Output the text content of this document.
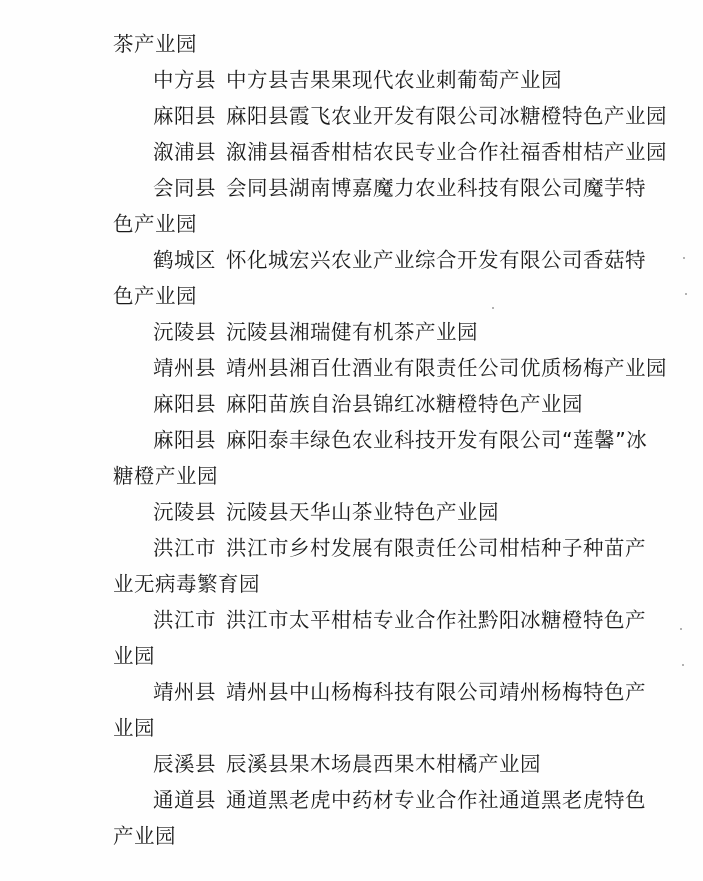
茶产业园
中方县 中方县吉果果现代农业刺葡萄产业园
麻阳县 麻阳县霞飞农业开发有限公司冰糖橙特色产业园
溆浦县 溆浦县福香柑桔农民专业合作社福香柑桔产业园
会同县 会同县湖南博嘉魔力农业科技有限公司魔芋特
色产业园
鹤城区 怀化城宏兴农业产业综合开发有限公司香菇特
色产业园
沅陵县 沅陵县湘瑞健有机茶产业园
靖州县 靖州县湘百仕酒业有限责任公司优质杨梅产业园
麻阳县 麻阳苗族自治县锦红冰糖橙特色产业园
麻阳县 麻阳泰丰绿色农业科技开发有限公司“莲馨”冰
糖橙产业园
沅陵县 沅陵县天华山茶业特色产业园
洪江市 洪江市乡村发展有限责任公司柑桔种子种苗产
业无病毒繁育园
洪江市 洪江市太平柑桔专业合作社黔阳冰糖橙特色产
业园
靖州县 靖州县中山杨梅科技有限公司靖州杨梅特色产
业园
辰溪县 辰溪县果木场晨西果木柑橘产业园
通道县 通道黑老虎中药材专业合作社通道黑老虎特色
产业园
